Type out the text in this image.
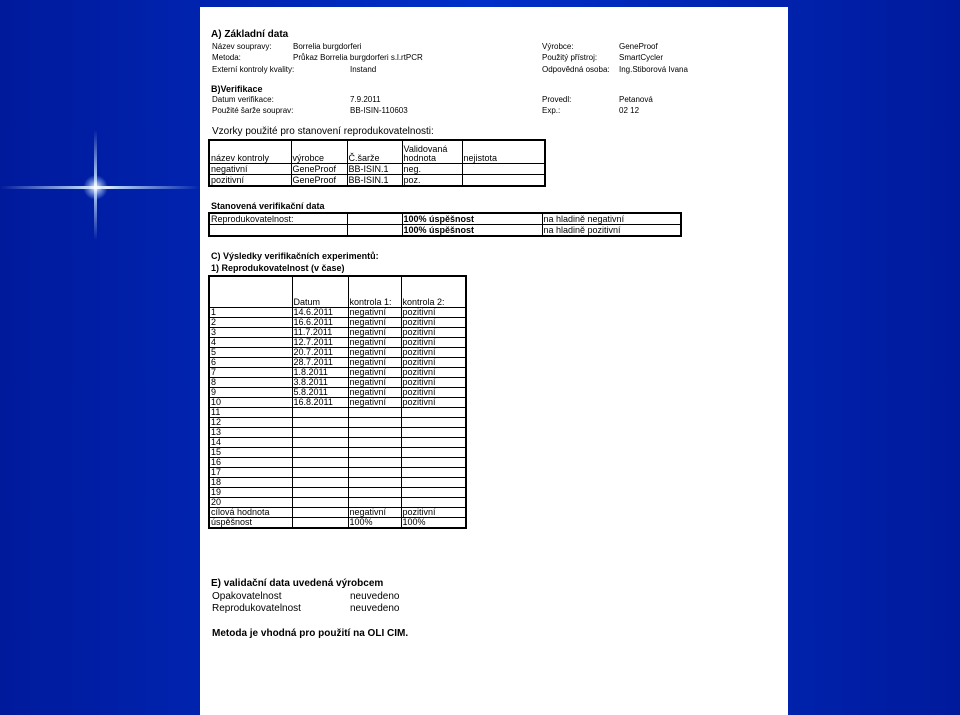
A) Základní data
Název soupravy:	Borrelia burgdorferi
Metoda:	Průkaz Borrelia burgdorferi s.l.rtPCR
Externí kontroly kvality:	Instand
Výrobce:	GeneProof
Použitý přístroj:	SmartCycler
Odpovědná osoba: Ing.Stiborová Ivana
B)Verifikace
Datum verifikace:	7.9.2011
Použité šarže souprav:	BB-ISIN-110603
Provedl:	Petanová
Exp.:	02 12
Vzorky použité pro stanovení reprodukovatelnosti:
název kontroly	výrobce	Č.šarže	Validovaná hodnota	nejistota
negativní	GeneProof	BB-ISIN.1	neg.	
pozitivní	GeneProof	BB-ISIN.1	poz.	
Stanovená verifikační data
Reprodukovatelnost:		100% úspěšnost	na hladině negativní
		100% úspěšnost	na hladině pozitivní
C) Výsledky verifikačních experimentů:
1) Reprodukovatelnost (v čase)
	Datum	kontrola 1:	kontrola 2:
1	14.6.2011	negativní	pozitivní
2	16.6.2011	negativní	pozitivní
3	11.7.2011	negativní	pozitivní
4	12.7.2011	negativní	pozitivní
5	20.7.2011	negativní	pozitivní
6	28.7.2011	negativní	pozitivní
7	1.8.2011	negativní	pozitivní
8	3.8.2011	negativní	pozitivní
9	5.8.2011	negativní	pozitivní
10	16.8.2011	negativní	pozitivní
11			
12			
13			
14			
15			
16			
17			
18			
19			
20			
cílová hodnota		negativní	pozitivní
úspěšnost		100%	100%
E) validační data uvedená výrobcem
Opakovatelnost	neuvedeno
Reprodukovatelnost	neuvedeno
Metoda je vhodná pro použití na OLI CIM.
